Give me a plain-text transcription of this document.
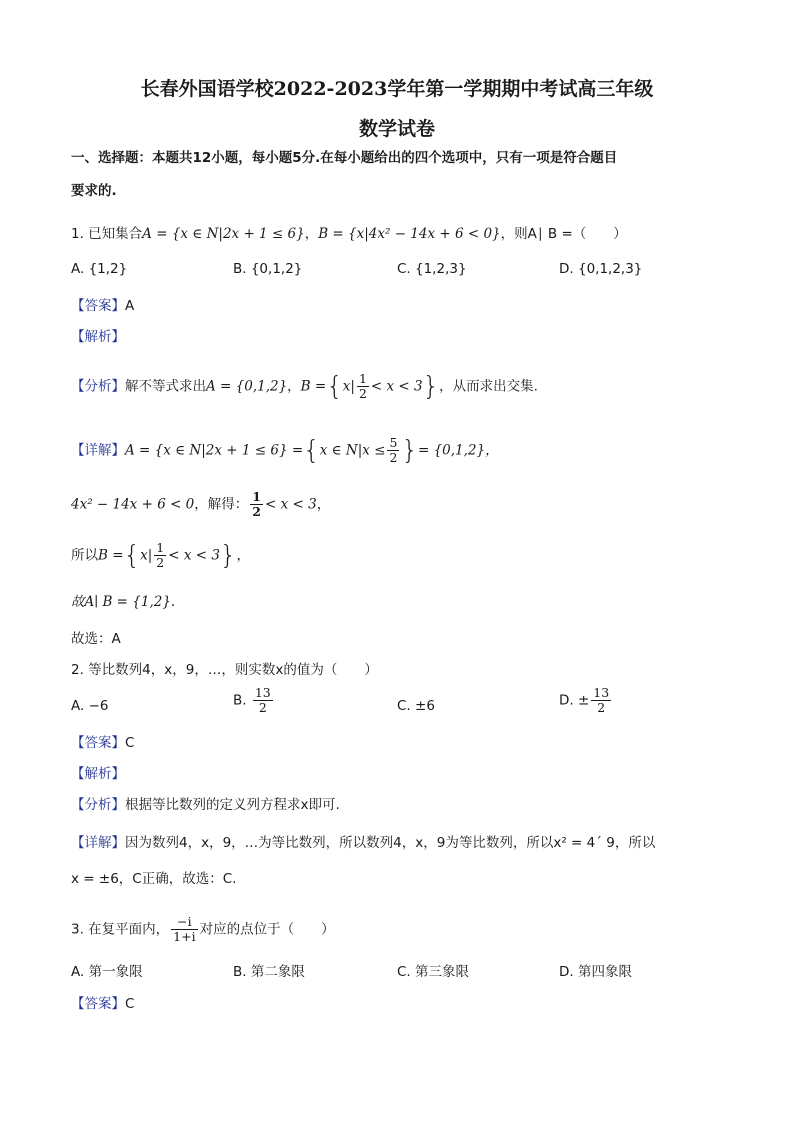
长春外国语学校2022-2023学年第一学期期中考试高三年级
数学试卷
一、选择题：本题共12小题，每小题5分.在每小题给出的四个选项中，只有一项是符合题目
要求的.
1. 已知集合A = {x ∈ N|2x + 1 ≤ 6}，B = {x|4x² − 14x + 6 < 0}，则A∣ B =（　　）
A. {1,2}	B. {0,1,2}	C. {1,2,3}	D. {0,1,2,3}
【答案】A
【解析】
【分析】解不等式求出A = {0,1,2}，$B =\{x| \frac{1}{2} < x < 3\}$，从而求出交集.
【详解】A = {x ∈ N|2x + 1 ≤ 6} ={x ∈ $N|x \le \frac{5}{2}$ }= {0,1,2}，
4x² − 14x + 6 < 0，解得： $\frac{1}{2} < x < 3$，
所以$B =\{x| \frac{1}{2} < x < 3\}$，
故A∣ B = {1,2}.
故选：A
2. 等比数列4，x，9，…，则实数x的值为（　　）
A. −6	B. $\frac{13}{2}$	C. ±6	D. ± $\frac{13}{2}$
【答案】C
【解析】
【分析】根据等比数列的定义列方程求x即可.
【详解】因为数列4，x，9，…为等比数列，所以数列4，x，9为等比数列，所以x² = 4´ 9，所以
x = ±6，C正确，故选：C.
3. 在复平面内， $\frac{-i}{1+i}$ 对应的点位于（　　）
A. 第一象限	B. 第二象限	C. 第三象限	D. 第四象限
【答案】C
